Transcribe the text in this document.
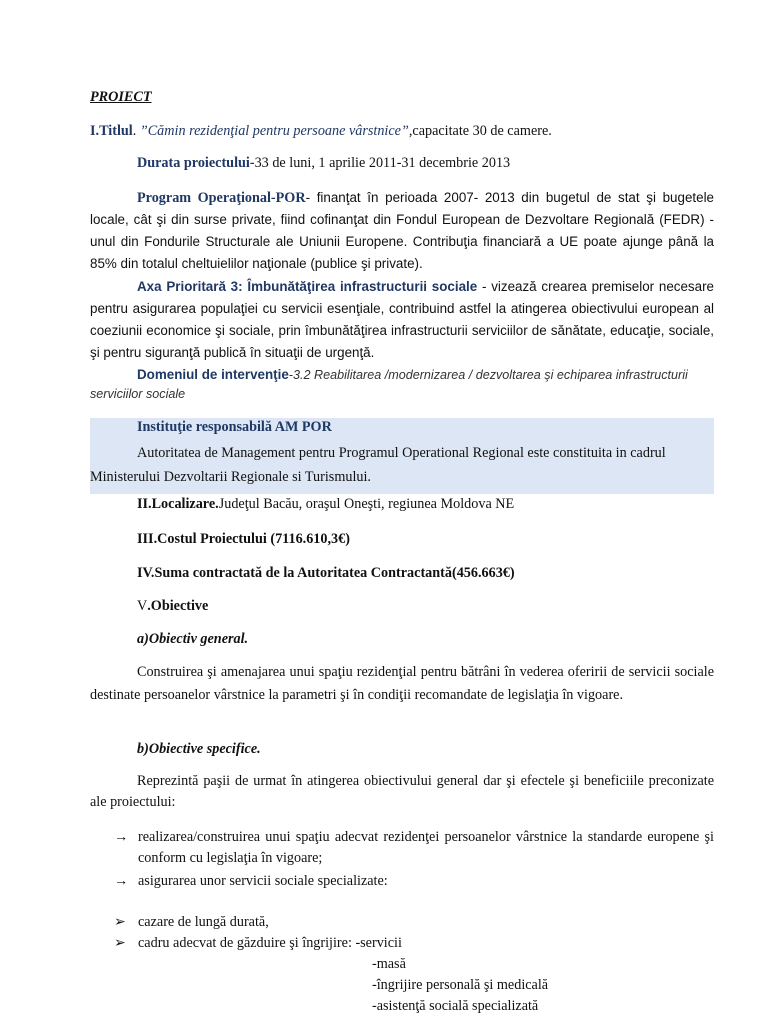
PROIECT
I.Titlul. ”Cămin rezidenţial pentru persoane vârstnice”,capacitate 30 de camere.
Durata proiectului-33 de luni, 1 aprilie 2011-31 decembrie 2013
Program Operaţional-POR- finanţat în perioada 2007- 2013 din bugetul de stat şi bugetele locale, cât şi din surse private, fiind cofinanţat din Fondul European de Dezvoltare Regională (FEDR) - unul din Fondurile Structurale ale Uniunii Europene. Contribuţia financiară a UE poate ajunge până la 85% din totalul cheltuielilor naţionale (publice şi private).
Axa Prioritară 3: Îmbunătăţirea infrastructurii sociale - vizează crearea premiselor necesare pentru asigurarea populaţiei cu servicii esenţiale, contribuind astfel la atingerea obiectivului european al coeziunii economice şi sociale, prin îmbunătăţirea infrastructurii serviciilor de sănătate, educaţie, sociale, şi pentru siguranţă publică în situaţii de urgenţă.
Domeniul de intervenţie-3.2 Reabilitarea /modernizarea / dezvoltarea şi echiparea infrastructurii serviciilor sociale
Instituţie responsabilă AM POR
Autoritatea de Management pentru Programul Operational Regional este constituita in cadrul
Ministerului Dezvoltarii Regionale si Turismului.
II.Localizare.Judeţul Bacău, oraşul Oneşti, regiunea Moldova NE
III.Costul Proiectului (7116.610,3€)
IV.Suma contractată de la Autoritatea Contractantă(456.663€)
V.Obiective
a)Obiectiv general.
Construirea şi amenajarea unui spaţiu rezidenţial pentru bătrâni în vederea oferirii de servicii sociale destinate persoanelor vârstnice la parametri şi în condiţii recomandate de legislaţia în vigoare.
b)Obiective specifice.
Reprezintă paşii de urmat în atingerea obiectivului general dar şi efectele şi beneficiile preconizate ale proiectului:
→ realizarea/construirea unui spaţiu adecvat rezidenţei persoanelor vârstnice la standarde europene şi conform cu legislaţia în vigoare;
→ asigurarea unor servicii sociale specializate:
➢ cazare de lungă durată,
➢ cadru adecvat de găzduire şi îngrijire: -servicii
-masă
-îngrijire personală şi medicală
-asistenţă socială specializată
